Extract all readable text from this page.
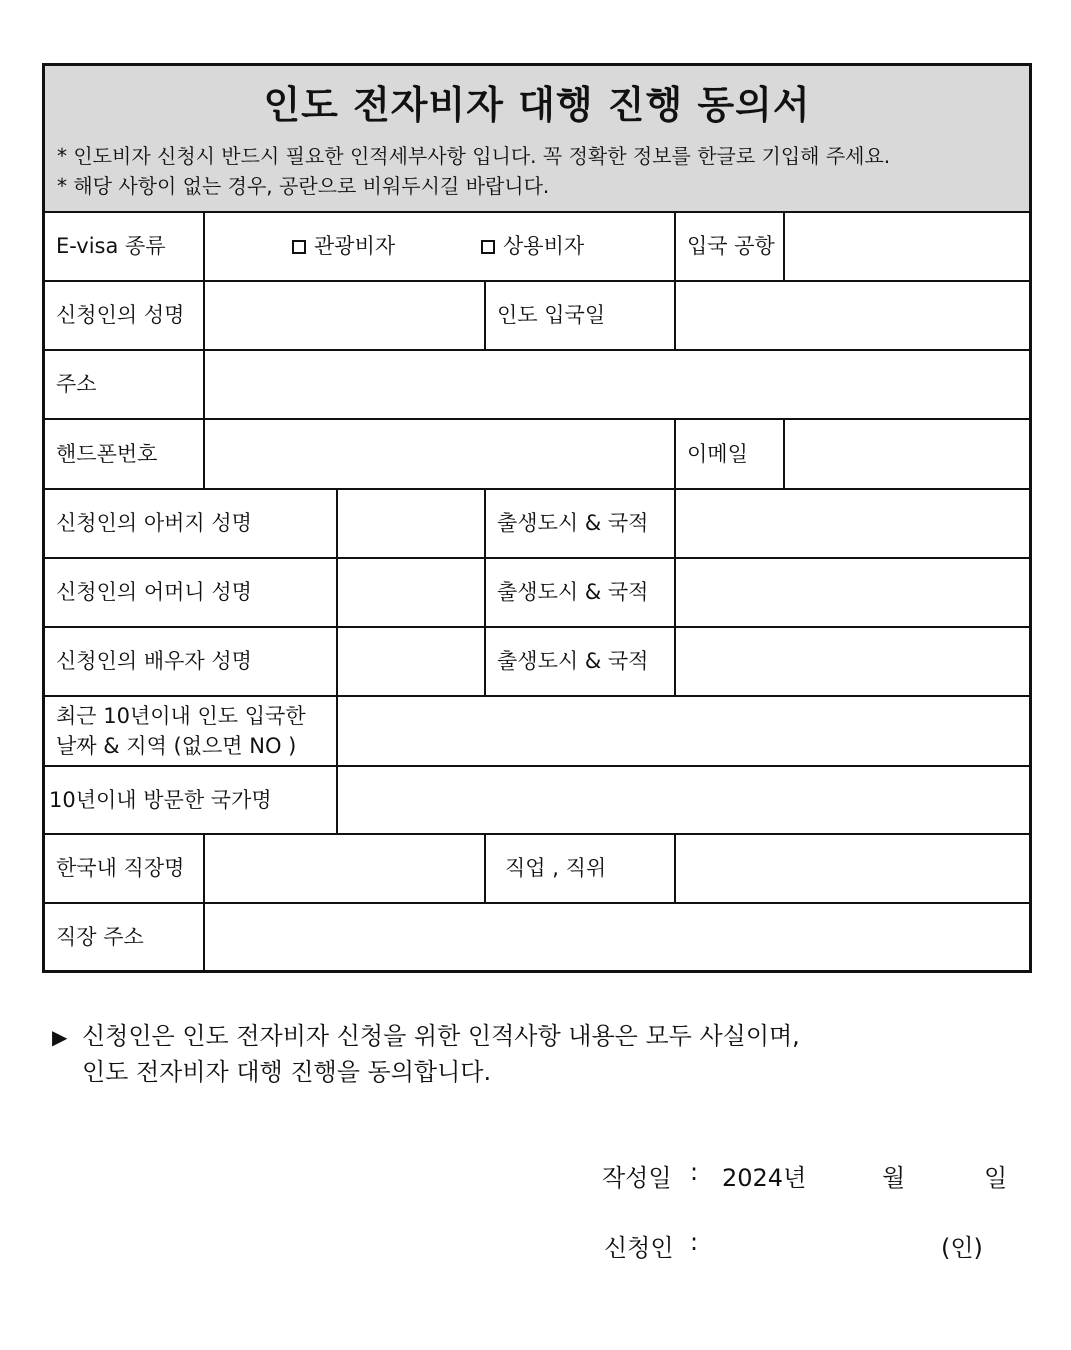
인도 전자비자 대행 진행 동의서
* 인도비자 신청시 반드시 필요한 인적세부사항 입니다. 꼭 정확한 정보를 한글로 기입해 주세요.
* 해당 사항이 없는 경우, 공란으로 비워두시길 바랍니다.
E-visa 종류	관광비자	상용비자	입국 공항
신청인의 성명	인도 입국일
주소
핸드폰번호	이메일
신청인의 아버지 성명	출생도시 & 국적
신청인의 어머니 성명	출생도시 & 국적
신청인의 배우자 성명	출생도시 & 국적
최근 10년이내 인도 입국한
날짜 & 지역 (없으면 NO )
10년이내 방문한 국가명
한국내 직장명	직업 , 직위
직장 주소
▶ 신청인은 인도 전자비자 신청을 위한 인적사항 내용은 모두 사실이며,
인도 전자비자 대행 진행을 동의합니다.
작성일 : 2024년	월	일
신청인 :	(인)
